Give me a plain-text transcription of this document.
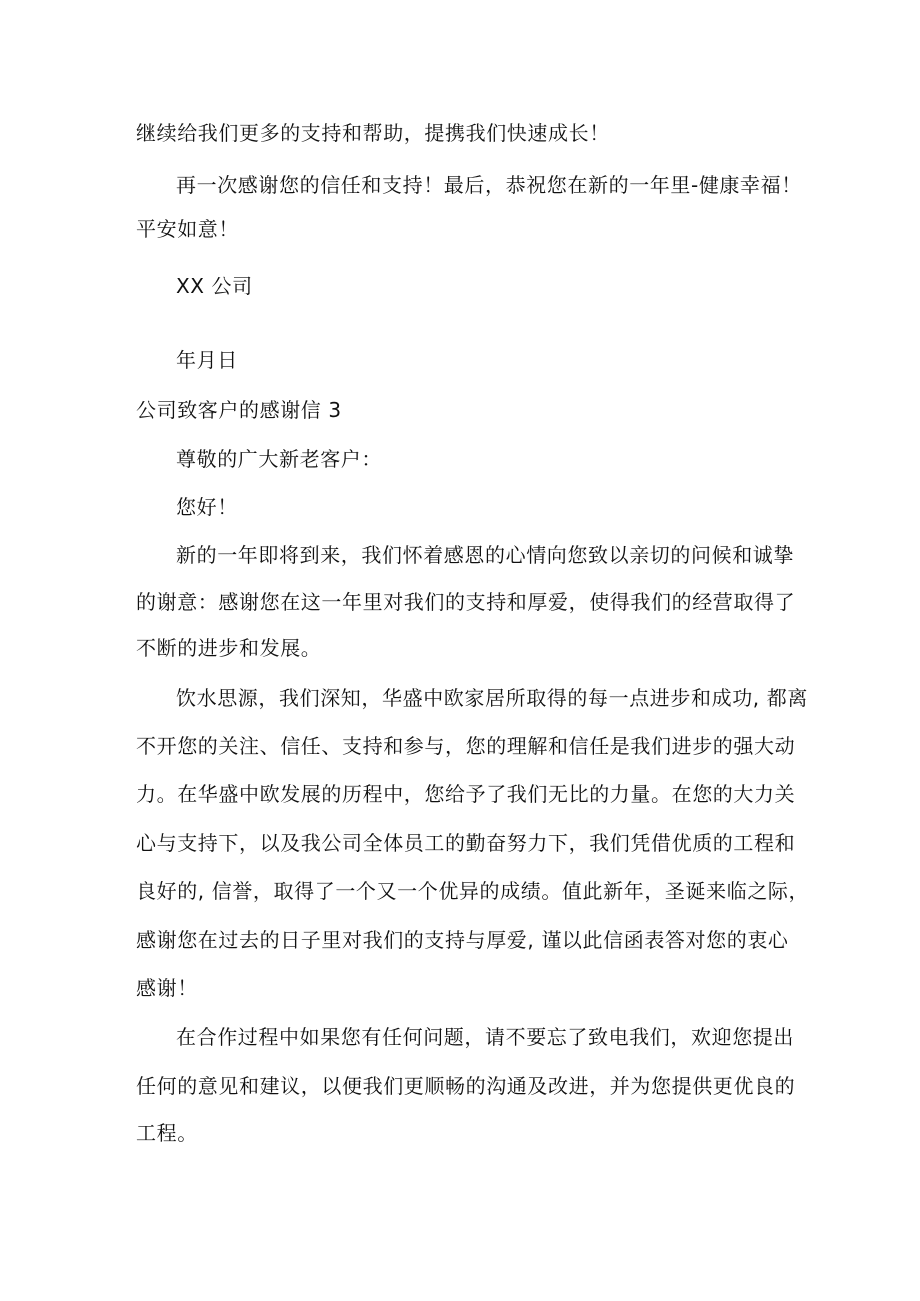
继续给我们更多的支持和帮助，提携我们快速成长！
再一次感谢您的信任和支持！最后，恭祝您在新的一年里-健康幸福！
平安如意！
XX 公司
年月日
公司致客户的感谢信 3
尊敬的广大新老客户：
您好！
新的一年即将到来，我们怀着感恩的心情向您致以亲切的问候和诚挚
的谢意：感谢您在这一年里对我们的支持和厚爱，使得我们的经营取得了
不断的进步和发展。
饮水思源，我们深知，华盛中欧家居所取得的每一点进步和成功, 都离
不开您的关注、信任、支持和参与，您的理解和信任是我们进步的强大动
力。在华盛中欧发展的历程中，您给予了我们无比的力量。在您的大力关
心与支持下，以及我公司全体员工的勤奋努力下，我们凭借优质的工程和
良好的, 信誉，取得了一个又一个优异的成绩。值此新年，圣诞来临之际，
感谢您在过去的日子里对我们的支持与厚爱, 谨以此信函表答对您的衷心
感谢！
在合作过程中如果您有任何问题，请不要忘了致电我们，欢迎您提出
任何的意见和建议，以便我们更顺畅的沟通及改进，并为您提供更优良的
工程。
